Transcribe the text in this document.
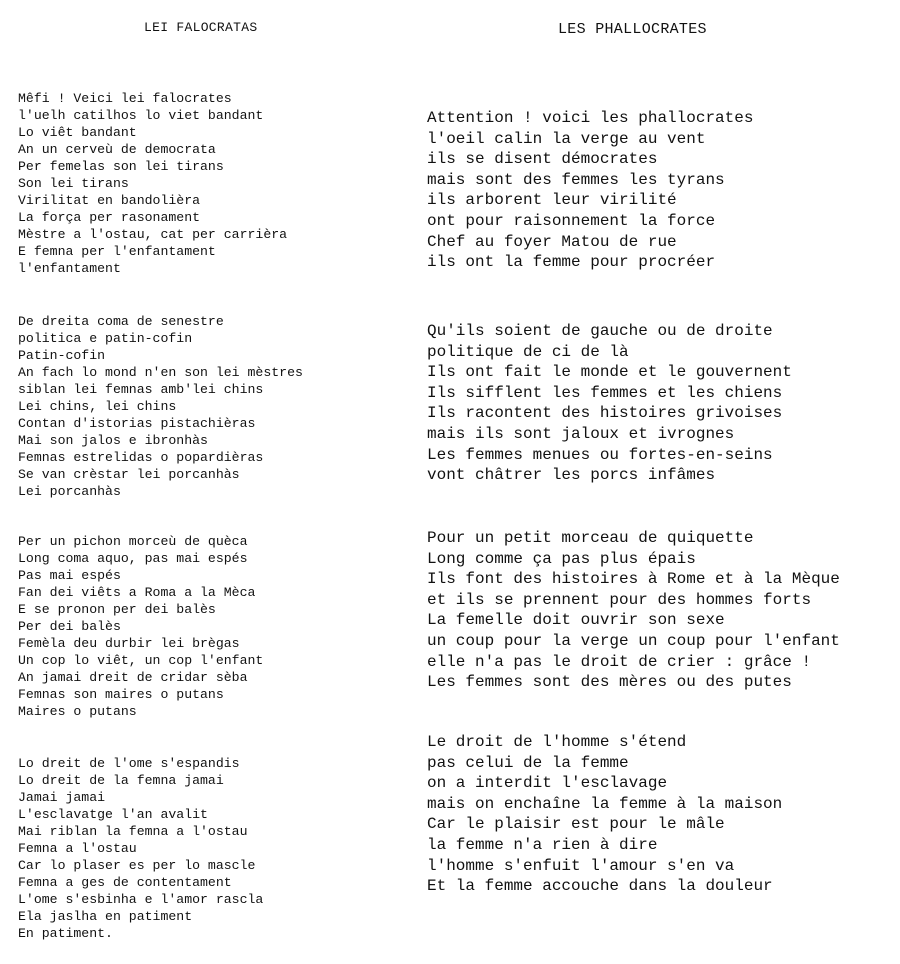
LEI FALOCRATAS
Mêfi ! Veici lei falocrates
l'uelh catilhos lo viet bandant
Lo viêt bandant
An un cerveù de democrata
Per femelas son lei tirans
Son lei tirans
Virilitat en bandolièra
La força per rasonament
Mèstre a l'ostau, cat per carrièra
E femna per l'enfantament
l'enfantament
De dreita coma de senestre
politica e patin-cofin
Patin-cofin
An fach lo mond n'en son lei mèstres
siblan lei femnas amb'lei chins
Lei chins, lei chins
Contan d'istorias pistachièras
Mai son jalos e ibronhàs
Femnas estrelidas o popardièras
Se van crèstar lei porcanhàs
Lei porcanhàs
Per un pichon morceù de quèca
Long coma aquo, pas mai espés
Pas mai espés
Fan dei viêts a Roma a la Mèca
E se pronon per dei balès
Per dei balès
Femèla deu durbir lei brègas
Un cop lo viêt, un cop l'enfant
An jamai dreit de cridar sèba
Femnas son maires o putans
Maires o putans
Lo dreit de l'ome s'espandis
Lo dreit de la femna jamai
Jamai jamai
L'esclavatge l'an avalit
Mai riblan la femna a l'ostau
Femna a l'ostau
Car lo plaser es per lo mascle
Femna a ges de contentament
L'ome s'esbinha e l'amor rascla
Ela jaslha en patiment
En patiment.
LES PHALLOCRATES
Attention ! voici les phallocrates
l'oeil calin la verge au vent
ils se disent démocrates
mais sont des femmes les tyrans
ils arborent leur virilité
ont pour raisonnement la force
Chef au foyer Matou de rue
ils ont la femme pour procréer
Qu'ils soient de gauche ou de droite
politique de ci de là
Ils ont fait le monde et le gouvernent
Ils sifflent les femmes et les chiens
Ils racontent des histoires grivoises
mais ils sont jaloux et ivrognes
Les femmes menues ou fortes-en-seins
vont châtrer les porcs infâmes
Pour un petit morceau de quiquette
Long comme ça pas plus épais
Ils font des histoires à Rome et à la Mèque
et ils se prennent pour des hommes forts
La femelle doit ouvrir son sexe
un coup pour la verge un coup pour l'enfant
elle n'a pas le droit de crier : grâce !
Les femmes sont des mères ou des putes
Le droit de l'homme s'étend
pas celui de la femme
on a interdit l'esclavage
mais on enchaîne la femme à la maison
Car le plaisir est pour le mâle
la femme n'a rien à dire
l'homme s'enfuit l'amour s'en va
Et la femme accouche dans la douleur
